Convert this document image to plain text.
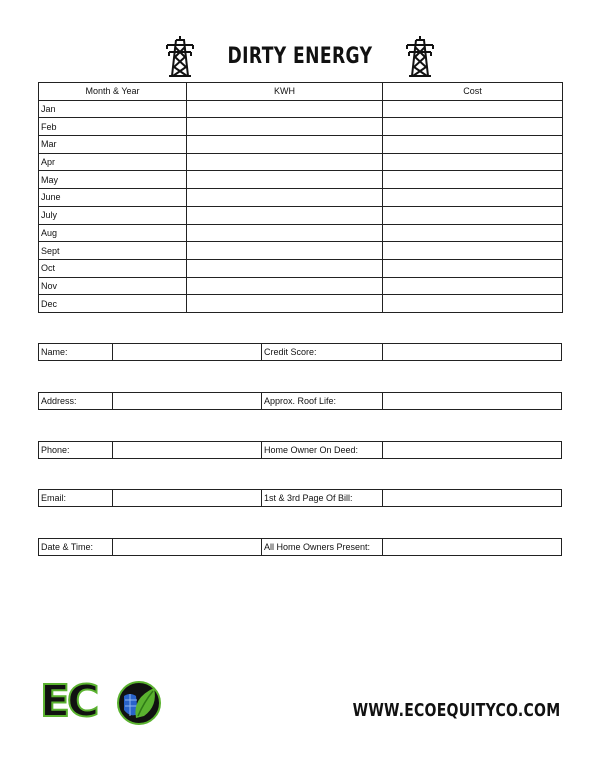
DIRTY ENERGY
Month & Year	KWH	Cost
Jan		
Feb		
Mar		
Apr		
May		
June		
July		
Aug		
Sept		
Oct		
Nov		
Dec		
Name:	Credit Score:
Address:	Approx. Roof Life:
Phone:	Home Owner On Deed:
Email:	1st & 3rd Page Of Bill:
Date & Time:	All Home Owners Present:
EC	WWW.ECOEQUITYCO.COM
